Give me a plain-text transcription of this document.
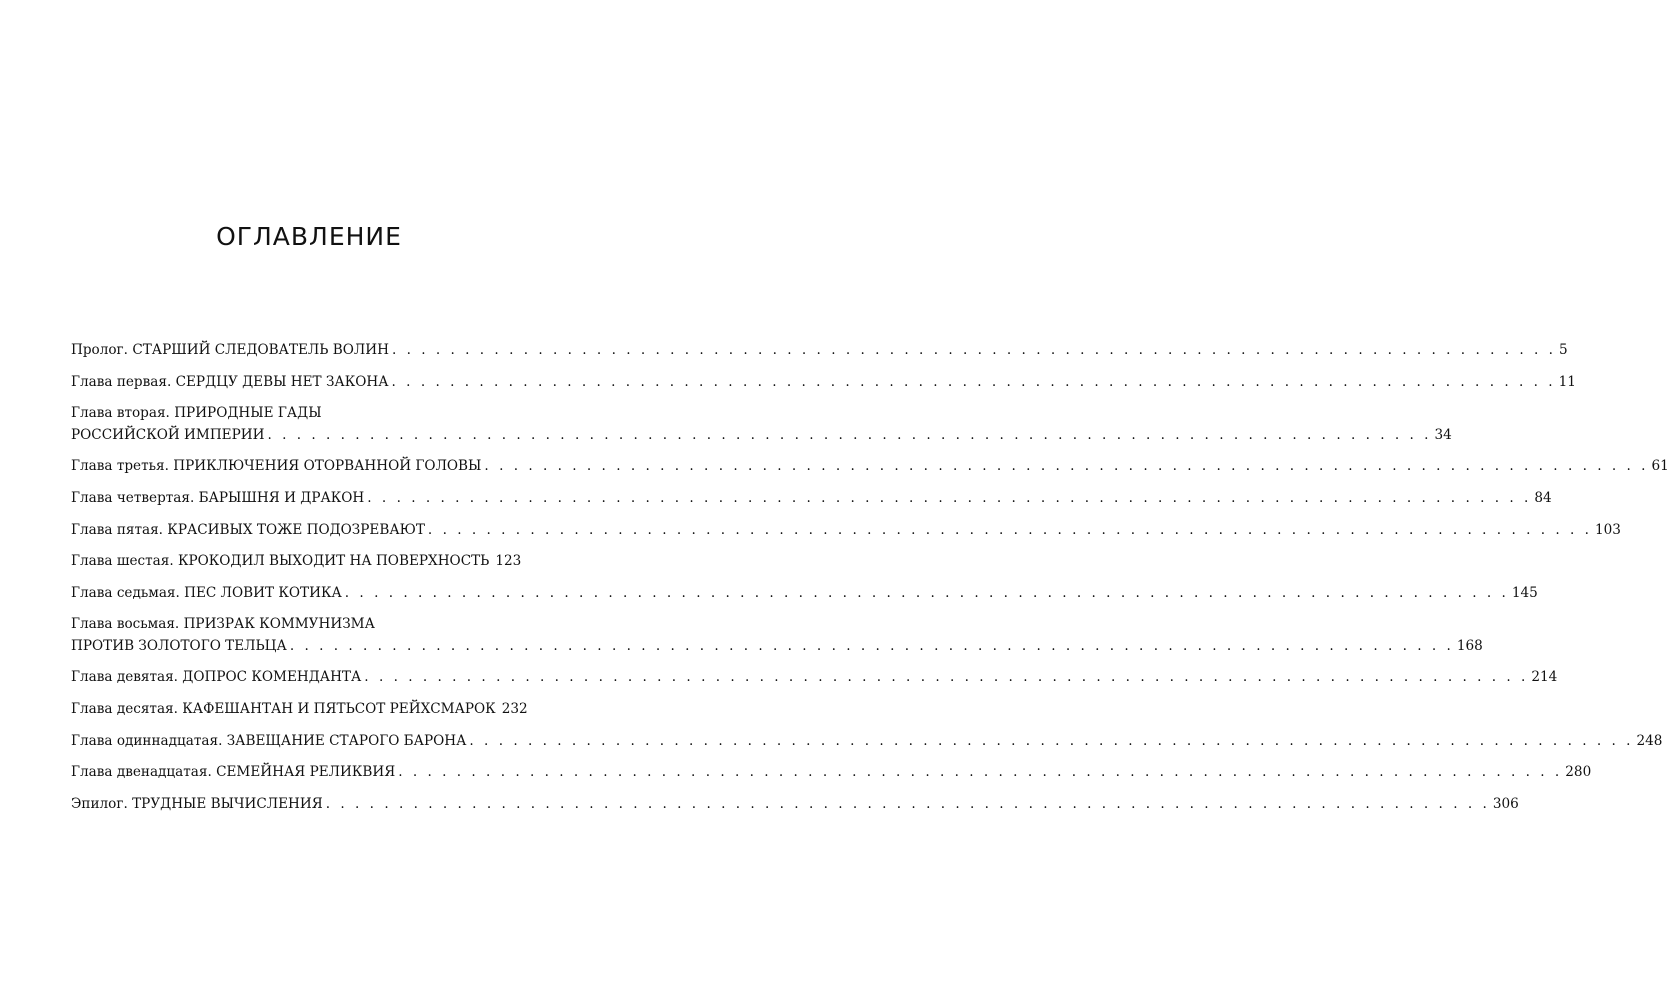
ОГЛАВЛЕНИЕ
Пролог. СТАРШИЙ СЛЕДОВАТЕЛЬ ВОЛИН . . . . . . . . . . . . . . . . . . . . . . . . . . . . . . . . . . . . . . . . . . . . . . . . . . . . . . . . . . . . . . . . . . . . . . . . . . . . . . . . 5
Глава первая. СЕРДЦУ ДЕВЫ НЕТ ЗАКОНА . . . . . . . . . . . . . . . . . . . . . . . . . . . . . . . . . . . . . . . . . . . . . . . . . . . . . . . . . . . . . . . . . . . . . . . . . . . . . . . . 11
Глава вторая. ПРИРОДНЫЕ ГАДЫ
РОССИЙСКОЙ ИМПЕРИИ . . . . . . . . . . . . . . . . . . . . . . . . . . . . . . . . . . . . . . . . . . . . . . . . . . . . . . . . . . . . . . . . . . . . . . . . . . . . . . . . 34
Глава третья. ПРИКЛЮЧЕНИЯ ОТОРВАННОЙ ГОЛОВЫ . . . . . . . . . . . . . . . . . . . . . . . . . . . . . . . . . . . . . . . . . . . . . . . . . . . . . . . . . . . . . . . . . . . . . . . . . . . . . . . . 61
Глава четвертая. БАРЫШНЯ И ДРАКОН . . . . . . . . . . . . . . . . . . . . . . . . . . . . . . . . . . . . . . . . . . . . . . . . . . . . . . . . . . . . . . . . . . . . . . . . . . . . . . . . 84
Глава пятая. КРАСИВЫХ ТОЖЕ ПОДОЗРЕВАЮТ . . . . . . . . . . . . . . . . . . . . . . . . . . . . . . . . . . . . . . . . . . . . . . . . . . . . . . . . . . . . . . . . . . . . . . . . . . . . . . . . 103
Глава шестая. КРОКОДИЛ ВЫХОДИТ НА ПОВЕРХНОСТЬ 123
Глава седьмая. ПЕС ЛОВИТ КОТИКА . . . . . . . . . . . . . . . . . . . . . . . . . . . . . . . . . . . . . . . . . . . . . . . . . . . . . . . . . . . . . . . . . . . . . . . . . . . . . . . . 145
Глава восьмая. ПРИЗРАК КОММУНИЗМА
ПРОТИВ ЗОЛОТОГО ТЕЛЬЦА . . . . . . . . . . . . . . . . . . . . . . . . . . . . . . . . . . . . . . . . . . . . . . . . . . . . . . . . . . . . . . . . . . . . . . . . . . . . . . . . 168
Глава девятая. ДОПРОС КОМЕНДАНТА . . . . . . . . . . . . . . . . . . . . . . . . . . . . . . . . . . . . . . . . . . . . . . . . . . . . . . . . . . . . . . . . . . . . . . . . . . . . . . . . 214
Глава десятая. КАФЕШАНТАН И ПЯТЬСОТ РЕЙХСМАРОК 232
Глава одиннадцатая. ЗАВЕЩАНИЕ СТАРОГО БАРОНА . . . . . . . . . . . . . . . . . . . . . . . . . . . . . . . . . . . . . . . . . . . . . . . . . . . . . . . . . . . . . . . . . . . . . . . . . . . . . . . . 248
Глава двенадцатая. СЕМЕЙНАЯ РЕЛИКВИЯ . . . . . . . . . . . . . . . . . . . . . . . . . . . . . . . . . . . . . . . . . . . . . . . . . . . . . . . . . . . . . . . . . . . . . . . . . . . . . . . . 280
Эпилог. ТРУДНЫЕ ВЫЧИСЛЕНИЯ . . . . . . . . . . . . . . . . . . . . . . . . . . . . . . . . . . . . . . . . . . . . . . . . . . . . . . . . . . . . . . . . . . . . . . . . . . . . . . . . 306
